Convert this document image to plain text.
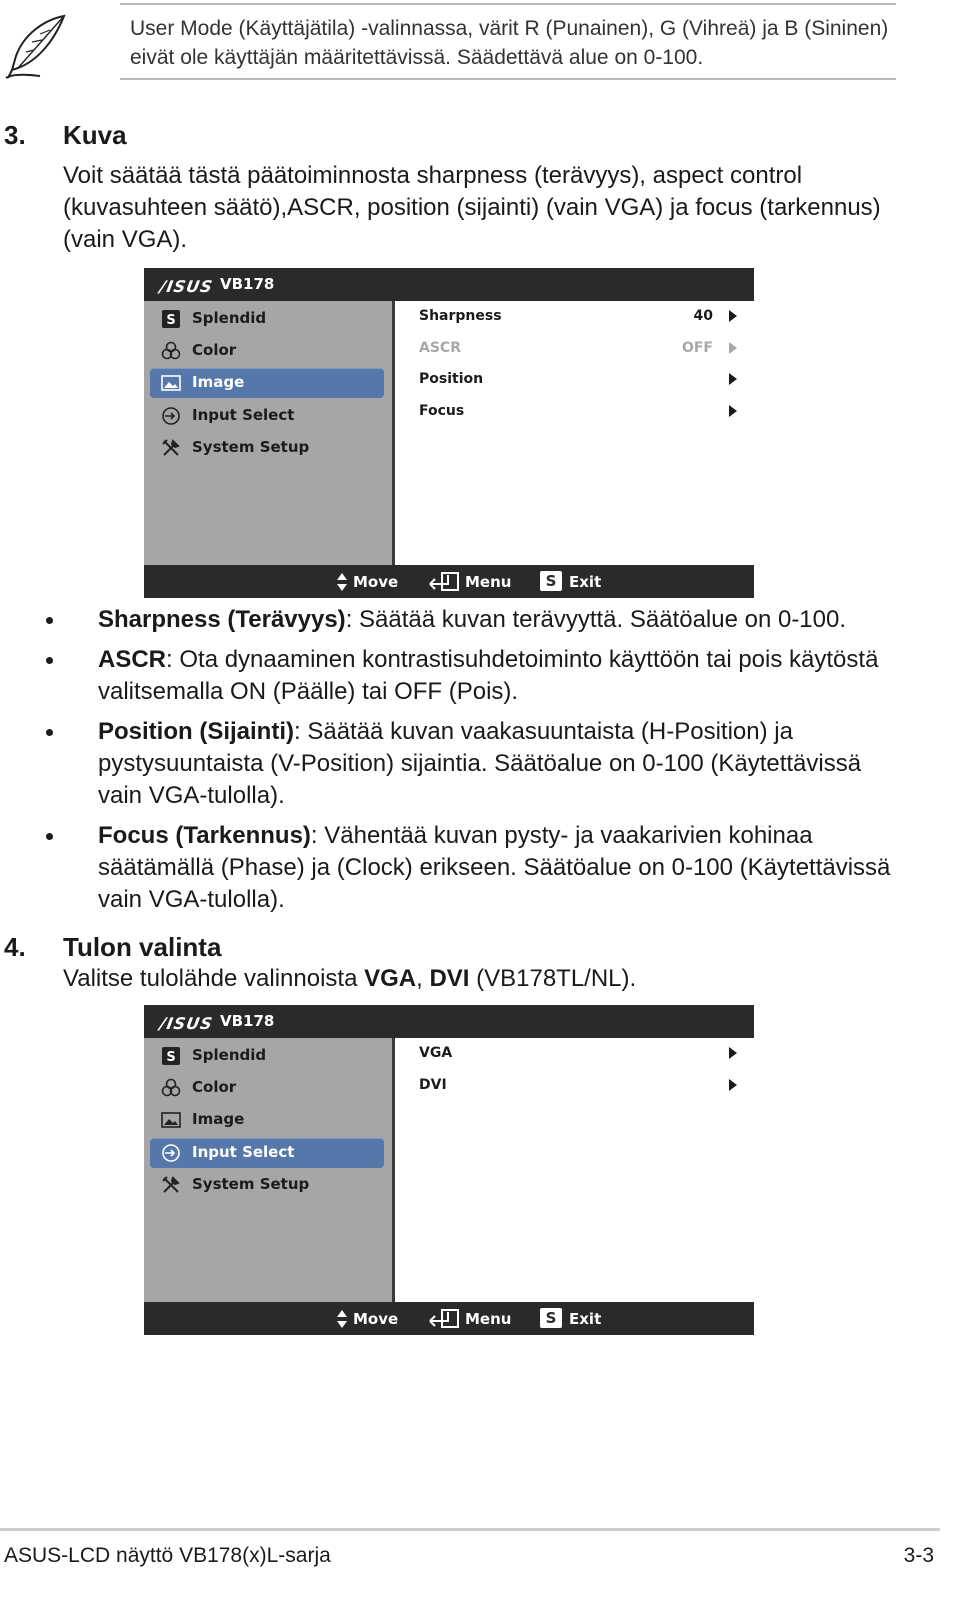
User Mode (Käyttäjätila) -valinnassa, värit R (Punainen), G (Vihreä) ja B (Sininen) eivät ole käyttäjän määritettävissä. Säädettävä alue on 0-100.
3. Kuva
Voit säätää tästä päätoiminnosta sharpness (terävyys), aspect control (kuvasuhteen säätö),ASCR, position (sijainti) (vain VGA) ja focus (tarkennus) (vain VGA).
/ISUS VB178
S Splendid
Color
Image
Input Select
System Setup
Sharpness	40
ASCR	OFF
Position
Focus
Move	Menu	S Exit
Sharpness (Terävyys): Säätää kuvan terävyyttä. Säätöalue on 0-100.
ASCR: Ota dynaaminen kontrastisuhdetoiminto käyttöön tai pois käytöstä valitsemalla ON (Päälle) tai OFF (Pois).
Position (Sijainti): Säätää kuvan vaakasuuntaista (H-Position) ja pystysuuntaista (V-Position) sijaintia. Säätöalue on 0-100 (Käytettävissä vain VGA-tulolla).
Focus (Tarkennus): Vähentää kuvan pysty- ja vaakarivien kohinaa säätämällä (Phase) ja (Clock) erikseen. Säätöalue on 0-100 (Käytettävissä vain VGA-tulolla).
4. Tulon valinta
Valitse tulolähde valinnoista VGA, DVI (VB178TL/NL).
/ISUS VB178
S Splendid
Color
Image
Input Select
System Setup
VGA
DVI
Move	Menu	S Exit
ASUS-LCD näyttö VB178(x)L-sarja	3-3
